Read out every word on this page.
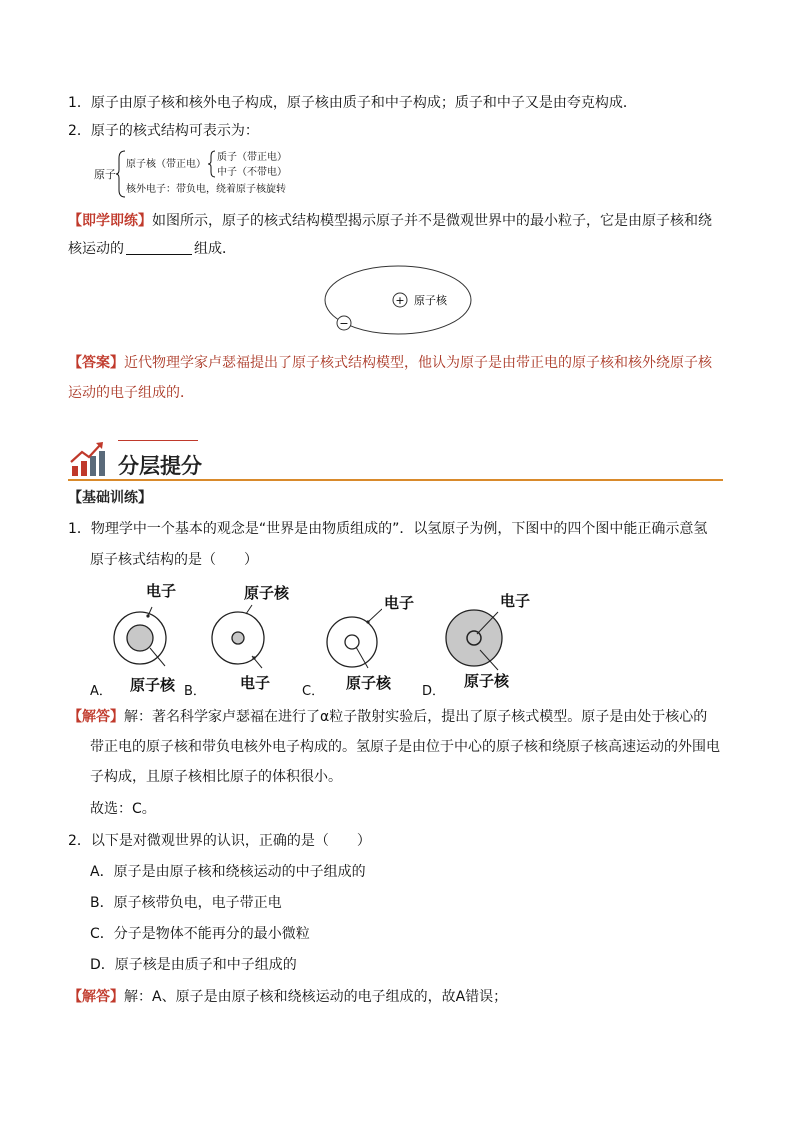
1．原子由原子核和核外电子构成，原子核由质子和中子构成；质子和中子又是由夸克构成．
2．原子的核式结构可表示为：
原子
原子核（带正电）
质子（带正电）
中子（不带电）
核外电子：带负电，绕着原子核旋转
【即学即练】如图所示，原子的核式结构模型揭示原子并不是微观世界中的最小粒子，它是由原子核和绕
核运动的	组成．
+
−
原子核
【答案】近代物理学家卢瑟福提出了原子核式结构模型，他认为原子是由带正电的原子核和核外绕原子核
运动的电子组成的．
分层提分
【基础训练】
1．物理学中一个基本的观念是“世界是由物质组成的”．以氢原子为例，下图中的四个图中能正确示意氢
原子核式结构的是（　　）
A．
电子
原子核 B．
原子核
电子 C．
电子
原子核 D．
电子
原子核
【解答】解：著名科学家卢瑟福在进行了α粒子散射实验后，提出了原子核式模型。原子是由处于核心的
带正电的原子核和带负电核外电子构成的。氢原子是由位于中心的原子核和绕原子核高速运动的外围电
子构成，且原子核相比原子的体积很小。
故选：C。
2．以下是对微观世界的认识，正确的是（　　）
A．原子是由原子核和绕核运动的中子组成的
B．原子核带负电，电子带正电
C．分子是物体不能再分的最小微粒
D．原子核是由质子和中子组成的
【解答】解：A、原子是由原子核和绕核运动的电子组成的，故A错误；
